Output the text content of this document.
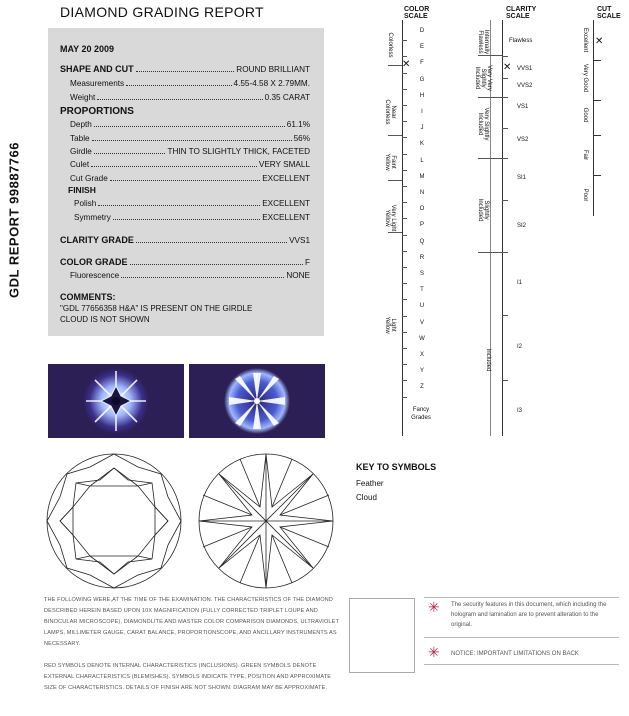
GDL REPORT 99887766
DIAMOND GRADING REPORT
MAY 20 2009
SHAPE AND CUT	ROUND BRILLIANT
Measurements	4.55-4.58 X 2.79MM.
Weight	0.35 CARAT
PROPORTIONS
Depth	61.1%
Table	56%
Girdle	THIN TO SLIGHTLY THICK, FACETED
Culet	VERY SMALL
Cut Grade	EXCELLENT
FINISH
Polish	EXCELLENT
Symmetry	EXCELLENT
CLARITY GRADE	VVS1
COLOR GRADE	F
Fluorescence	NONE
COMMENTS:
"GDL 77656358 H&A" IS PRESENT ON THE GIRDLE
CLOUD IS NOT SHOWN
KEY TO SYMBOLS
Feather
Cloud
COLOR
SCALE
D
E
F
G
H
I
J
K
L
M
N
O
P
Q
R
S
T
U
V
W
X
Y
Z
Colorless
Near Colorless
Faint Yellow
Very Light Yellow
Light Yellow
Fancy Grades
✕
CLARITY
SCALE
Flawless
VVS1
VVS2
VS1
VS2
SI1
SI2
I1
I2
I3
✕
Internally Flawless
Very Very Slightly Included
Very Slightly Included
Slightly Included
Included
CUT
SCALE
Excellent
Very Good
Good
Fair
Poor
✕
THE FOLLOWING WERE,AT THE TIME OF THE EXAMINATION. THE CHARACTERISTICS OF THE DIAMOND DESCRIBED HEREIN BASED UPON 10X MAGNIFICATION (FULLY CORRECTED TRIPLET LOUPE AND BINOCULAR MICROSCOPE), DIAMONDLITE AND MASTER COLOR COMPARISON DIAMONDS, ULTRAVIOLET LAMPS, MILLIMETER GAUGE, CARAT BALANCE, PROPORTIONSCOPE, AND ANCILLARY INSTRUMENTS AS NECESSARY.
RED SYMBOLS DENOTE INTERNAL CHARACTERISTICS (INCLUSIONS). GREEN SYMBOLS DENOTE EXTERNAL CHARACTERISTICS (BLEMISHES). SYMBOLS INDICATE TYPE, POSITION AND APPROXIMATE SIZE OF CHARACTERISTICS. DETAILS OF FINISH ARE NOT SHOWN. DIAGRAM MAY BE APPROXIMATE.
✳ The security features in this document, which including the hologram and lamination are to prevent alteration to the original.
✳ NOTICE: IMPORTANT LIMITATIONS ON BACK
